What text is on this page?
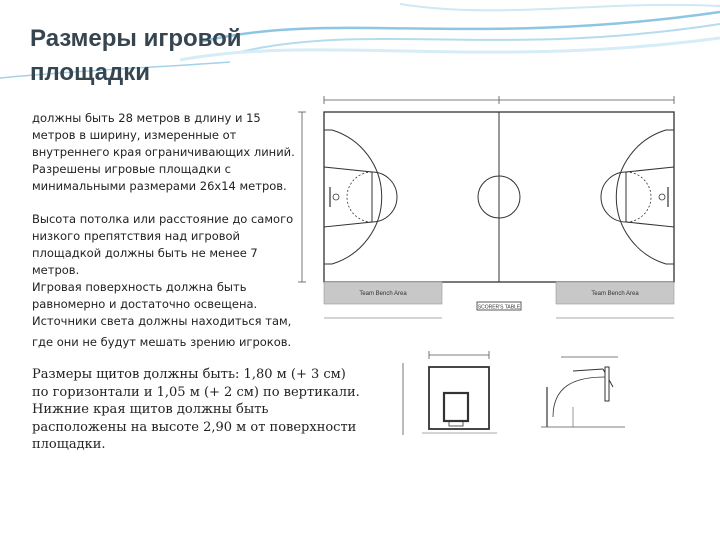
Размеры игровой
площадки
должны быть 28 метров в длину и 15
метров в ширину, измеренные от
внутреннего края ограничивающих линий.
Разрешены игровые площадки с
минимальными размерами 26х14 метров.
Высота потолка или расстояние до самого
низкого препятствия над игровой
площадкой должны быть не менее 7
метров.
Игровая поверхность должна быть
равномерно и достаточно освещена.
Источники света должны находиться там,
где они не будут мешать зрению игроков.
Размеры щитов должны быть: 1,80 м (+ 3 см)
по горизонтали и 1,05 м (+ 2 см) по вертикали.
Нижние края щитов должны быть
расположены на высоте 2,90 м от поверхности
площадки.
Team Bench Area	Team Bench Area
SCORER'S TABLE
